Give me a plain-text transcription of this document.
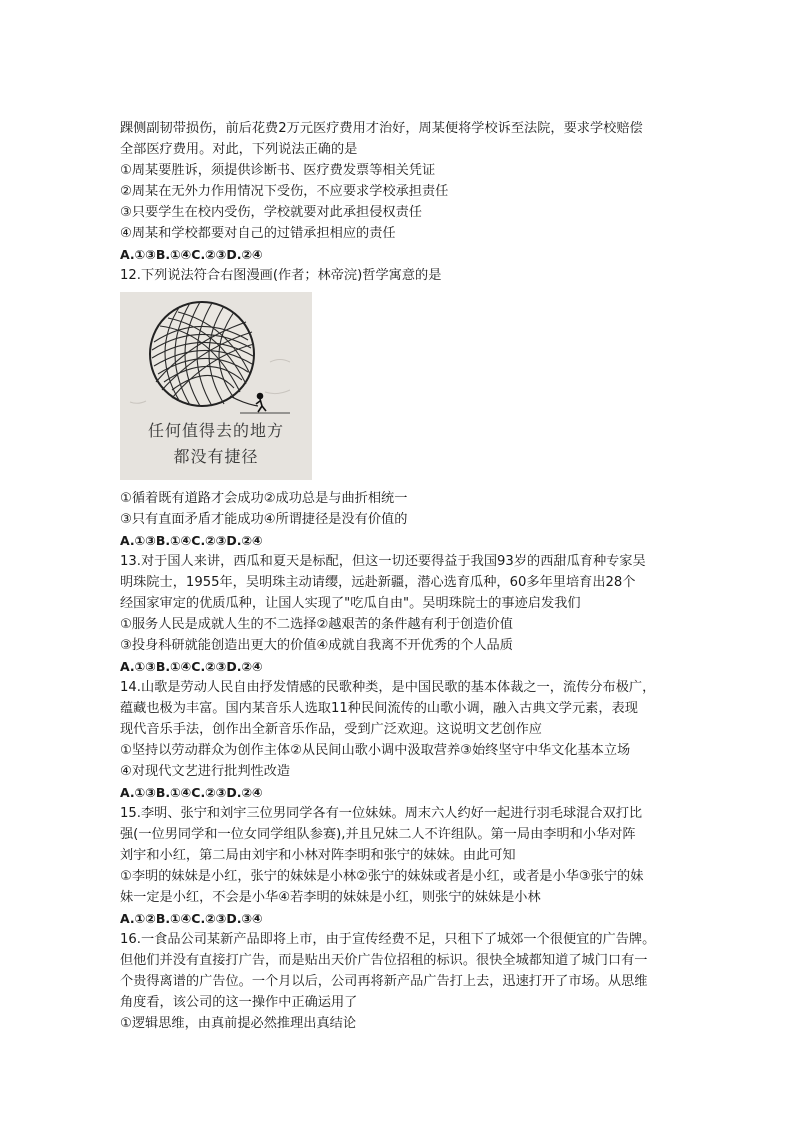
踝侧副韧带损伤，前后花费2万元医疗费用才治好，周某便将学校诉至法院，要求学校赔偿
全部医疗费用。对此，下列说法正确的是
①周某要胜诉，须提供诊断书、医疗费发票等相关凭证
②周某在无外力作用情况下受伤，不应要求学校承担责任
③只要学生在校内受伤，学校就要对此承担侵权责任
④周某和学校都要对自己的过错承担相应的责任
A.①③B.①④C.②③D.②④
12.下列说法符合右图漫画(作者；林帝浣)哲学寓意的是
任何值得去的地方
都没有捷径
①循着既有道路才会成功②成功总是与曲折相统一
③只有直面矛盾才能成功④所谓捷径是没有价值的
A.①③B.①④C.②③D.②④
13.对于国人来讲，西瓜和夏天是标配，但这一切还要得益于我国93岁的西甜瓜育种专家吴
明珠院士，1955年，吴明珠主动请缨，远赴新疆，潜心选育瓜种，60多年里培育出28个
经国家审定的优质瓜种，让国人实现了"吃瓜自由"。吴明珠院士的事迹启发我们
①服务人民是成就人生的不二选择②越艰苦的条件越有利于创造价值
③投身科研就能创造出更大的价值④成就自我离不开优秀的个人品质
A.①③B.①④C.②③D.②④
14.山歌是劳动人民自由抒发情感的民歌种类，是中国民歌的基本体裁之一，流传分布极广，
蕴藏也极为丰富。国内某音乐人选取11种民间流传的山歌小调，融入古典文学元素，表现
现代音乐手法，创作出全新音乐作品，受到广泛欢迎。这说明文艺创作应
①坚持以劳动群众为创作主体②从民间山歌小调中汲取营养③始终坚守中华文化基本立场
④对现代文艺进行批判性改造
A.①③B.①④C.②③D.②④
15.李明、张宁和刘宇三位男同学各有一位妹妹。周末六人约好一起进行羽毛球混合双打比
强(一位男同学和一位女同学组队参赛),并且兄妹二人不许组队。第一局由李明和小华对阵
刘宇和小红，第二局由刘宇和小林对阵李明和张宁的妹妹。由此可知
①李明的妹妹是小红，张宁的妹妹是小林②张宁的妹妹或者是小红，或者是小华③张宁的妹
妹一定是小红，不会是小华④若李明的妹妹是小红，则张宁的妹妹是小林
A.①②B.①④C.②③D.③④
16.一食品公司某新产品即将上市，由于宣传经费不足，只租下了城郊一个很便宜的广告牌。
但他们并没有直接打广告，而是贴出天价广告位招租的标识。很快全城都知道了城门口有一
个贵得离谱的广告位。一个月以后，公司再将新产品广告打上去，迅速打开了市场。从思维
角度看，该公司的这一操作中正确运用了
①逻辑思维，由真前提必然推理出真结论
